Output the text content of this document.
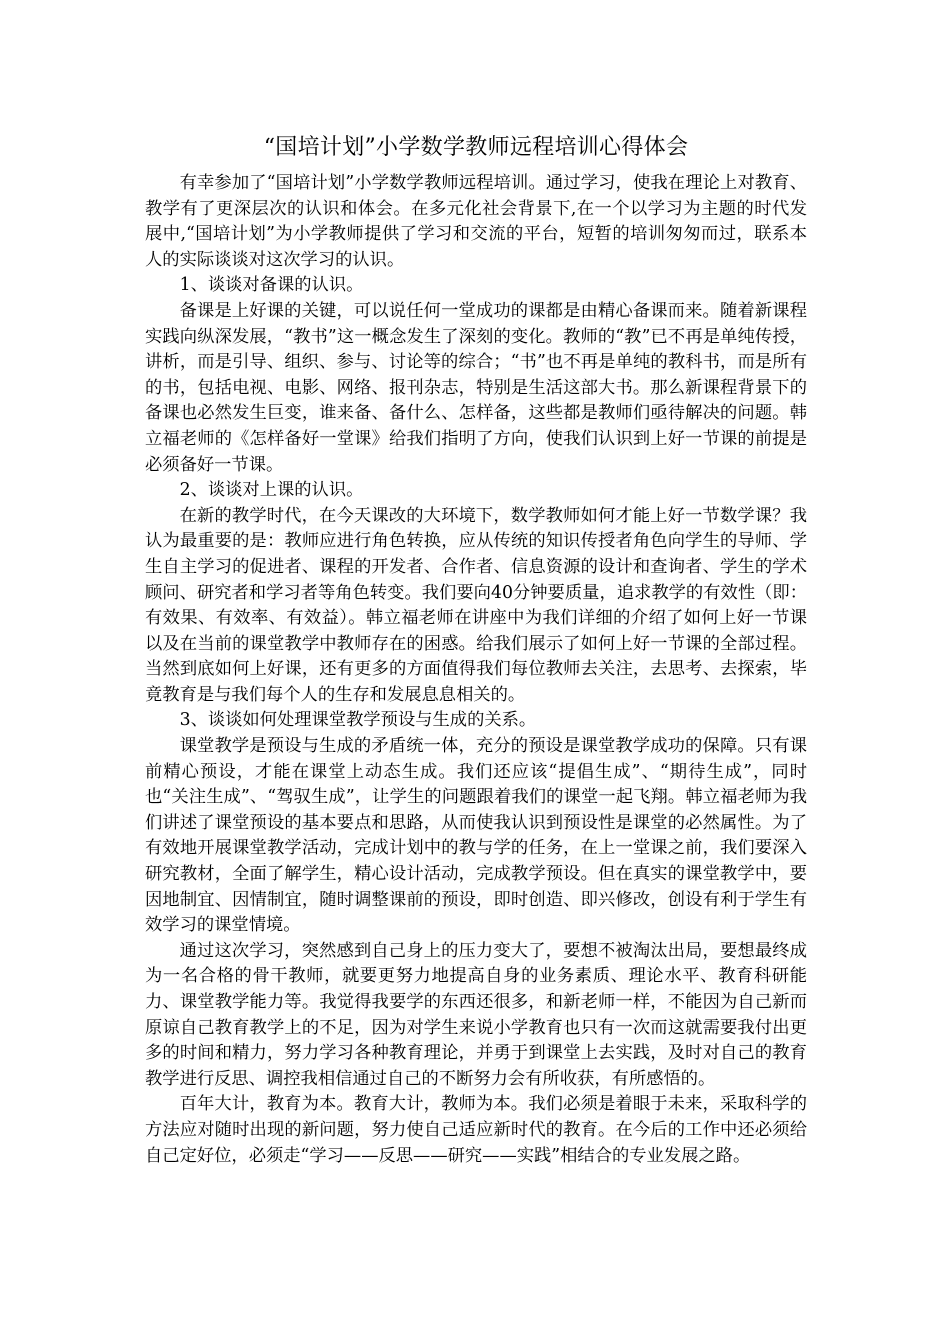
“国培计划”小学数学教师远程培训心得体会

有幸参加了“国培计划”小学数学教师远程培训。通过学习，使我在理论上对教育、教学有了更深层次的认识和体会。在多元化社会背景下,在一个以学习为主题的时代发展中,“国培计划”为小学教师提供了学习和交流的平台，短暂的培训匆匆而过，联系本人的实际谈谈对这次学习的认识。

1、谈谈对备课的认识。

备课是上好课的关键，可以说任何一堂成功的课都是由精心备课而来。随着新课程实践向纵深发展，“教书”这一概念发生了深刻的变化。教师的“教”已不再是单纯传授，讲析，而是引导、组织、参与、讨论等的综合；“书”也不再是单纯的教科书，而是所有的书，包括电视、电影、网络、报刊杂志，特别是生活这部大书。那么新课程背景下的备课也必然发生巨变，谁来备、备什么、怎样备，这些都是教师们亟待解决的问题。韩立福老师的《怎样备好一堂课》给我们指明了方向，使我们认识到上好一节课的前提是必须备好一节课。

2、谈谈对上课的认识。

在新的教学时代，在今天课改的大环境下，数学教师如何才能上好一节数学课？我认为最重要的是：教师应进行角色转换，应从传统的知识传授者角色向学生的导师、学生自主学习的促进者、课程的开发者、合作者、信息资源的设计和查询者、学生的学术顾问、研究者和学习者等角色转变。我们要向40分钟要质量，追求教学的有效性（即：有效果、有效率、有效益）。韩立福老师在讲座中为我们详细的介绍了如何上好一节课以及在当前的课堂教学中教师存在的困惑。给我们展示了如何上好一节课的全部过程。当然到底如何上好课，还有更多的方面值得我们每位教师去关注，去思考、去探索，毕竟教育是与我们每个人的生存和发展息息相关的。

3、谈谈如何处理课堂教学预设与生成的关系。

课堂教学是预设与生成的矛盾统一体，充分的预设是课堂教学成功的保障。只有课前精心预设，才能在课堂上动态生成。我们还应该“提倡生成”、“期待生成”，同时也“关注生成”、“驾驭生成”，让学生的问题跟着我们的课堂一起飞翔。韩立福老师为我们讲述了课堂预设的基本要点和思路，从而使我认识到预设性是课堂的必然属性。为了有效地开展课堂教学活动，完成计划中的教与学的任务，在上一堂课之前，我们要深入研究教材，全面了解学生，精心设计活动，完成教学预设。但在真实的课堂教学中，要因地制宜、因情制宜，随时调整课前的预设，即时创造、即兴修改，创设有利于学生有效学习的课堂情境。

通过这次学习，突然感到自己身上的压力变大了，要想不被淘汰出局，要想最终成为一名合格的骨干教师，就要更努力地提高自身的业务素质、理论水平、教育科研能力、课堂教学能力等。我觉得我要学的东西还很多，和新老师一样，不能因为自己新而原谅自己教育教学上的不足，因为对学生来说小学教育也只有一次而这就需要我付出更多的时间和精力，努力学习各种教育理论，并勇于到课堂上去实践，及时对自己的教育教学进行反思、调控我相信通过自己的不断努力会有所收获，有所感悟的。

百年大计，教育为本。教育大计，教师为本。我们必须是着眼于未来，采取科学的方法应对随时出现的新问题，努力使自己适应新时代的教育。在今后的工作中还必须给自己定好位，必须走“学习——反思——研究——实践”相结合的专业发展之路。
